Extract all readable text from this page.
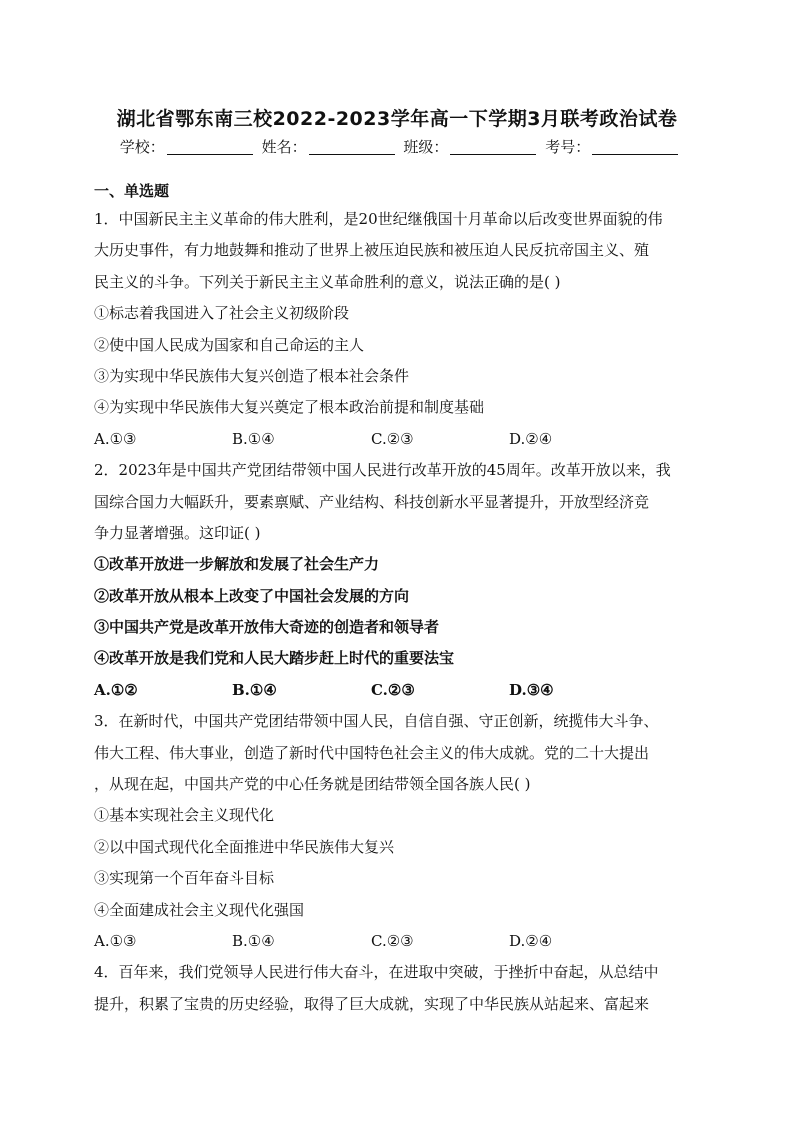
湖北省鄂东南三校2022-2023学年高一下学期3月联考政治试卷
学校：	姓名：	班级：	考号：
一、单选题
1．中国新民主主义革命的伟大胜利，是20世纪继俄国十月革命以后改变世界面貌的伟
大历史事件，有力地鼓舞和推动了世界上被压迫民族和被压迫人民反抗帝国主义、殖
民主义的斗争。下列关于新民主主义革命胜利的意义，说法正确的是( )
①标志着我国进入了社会主义初级阶段
②使中国人民成为国家和自己命运的主人
③为实现中华民族伟大复兴创造了根本社会条件
④为实现中华民族伟大复兴奠定了根本政治前提和制度基础
A.①③	B.①④	C.②③	D.②④
2．2023年是中国共产党团结带领中国人民进行改革开放的45周年。改革开放以来，我
国综合国力大幅跃升，要素禀赋、产业结构、科技创新水平显著提升，开放型经济竞
争力显著增强。这印证( )
①改革开放进一步解放和发展了社会生产力
②改革开放从根本上改变了中国社会发展的方向
③中国共产党是改革开放伟大奇迹的创造者和领导者
④改革开放是我们党和人民大踏步赶上时代的重要法宝
A.①②	B.①④	C.②③	D.③④
3．在新时代，中国共产党团结带领中国人民，自信自强、守正创新，统揽伟大斗争、
伟大工程、伟大事业，创造了新时代中国特色社会主义的伟大成就。党的二十大提出
，从现在起，中国共产党的中心任务就是团结带领全国各族人民( )
①基本实现社会主义现代化
②以中国式现代化全面推进中华民族伟大复兴
③实现第一个百年奋斗目标
④全面建成社会主义现代化强国
A.①③	B.①④	C.②③	D.②④
4．百年来，我们党领导人民进行伟大奋斗，在进取中突破，于挫折中奋起，从总结中
提升，积累了宝贵的历史经验，取得了巨大成就，实现了中华民族从站起来、富起来
